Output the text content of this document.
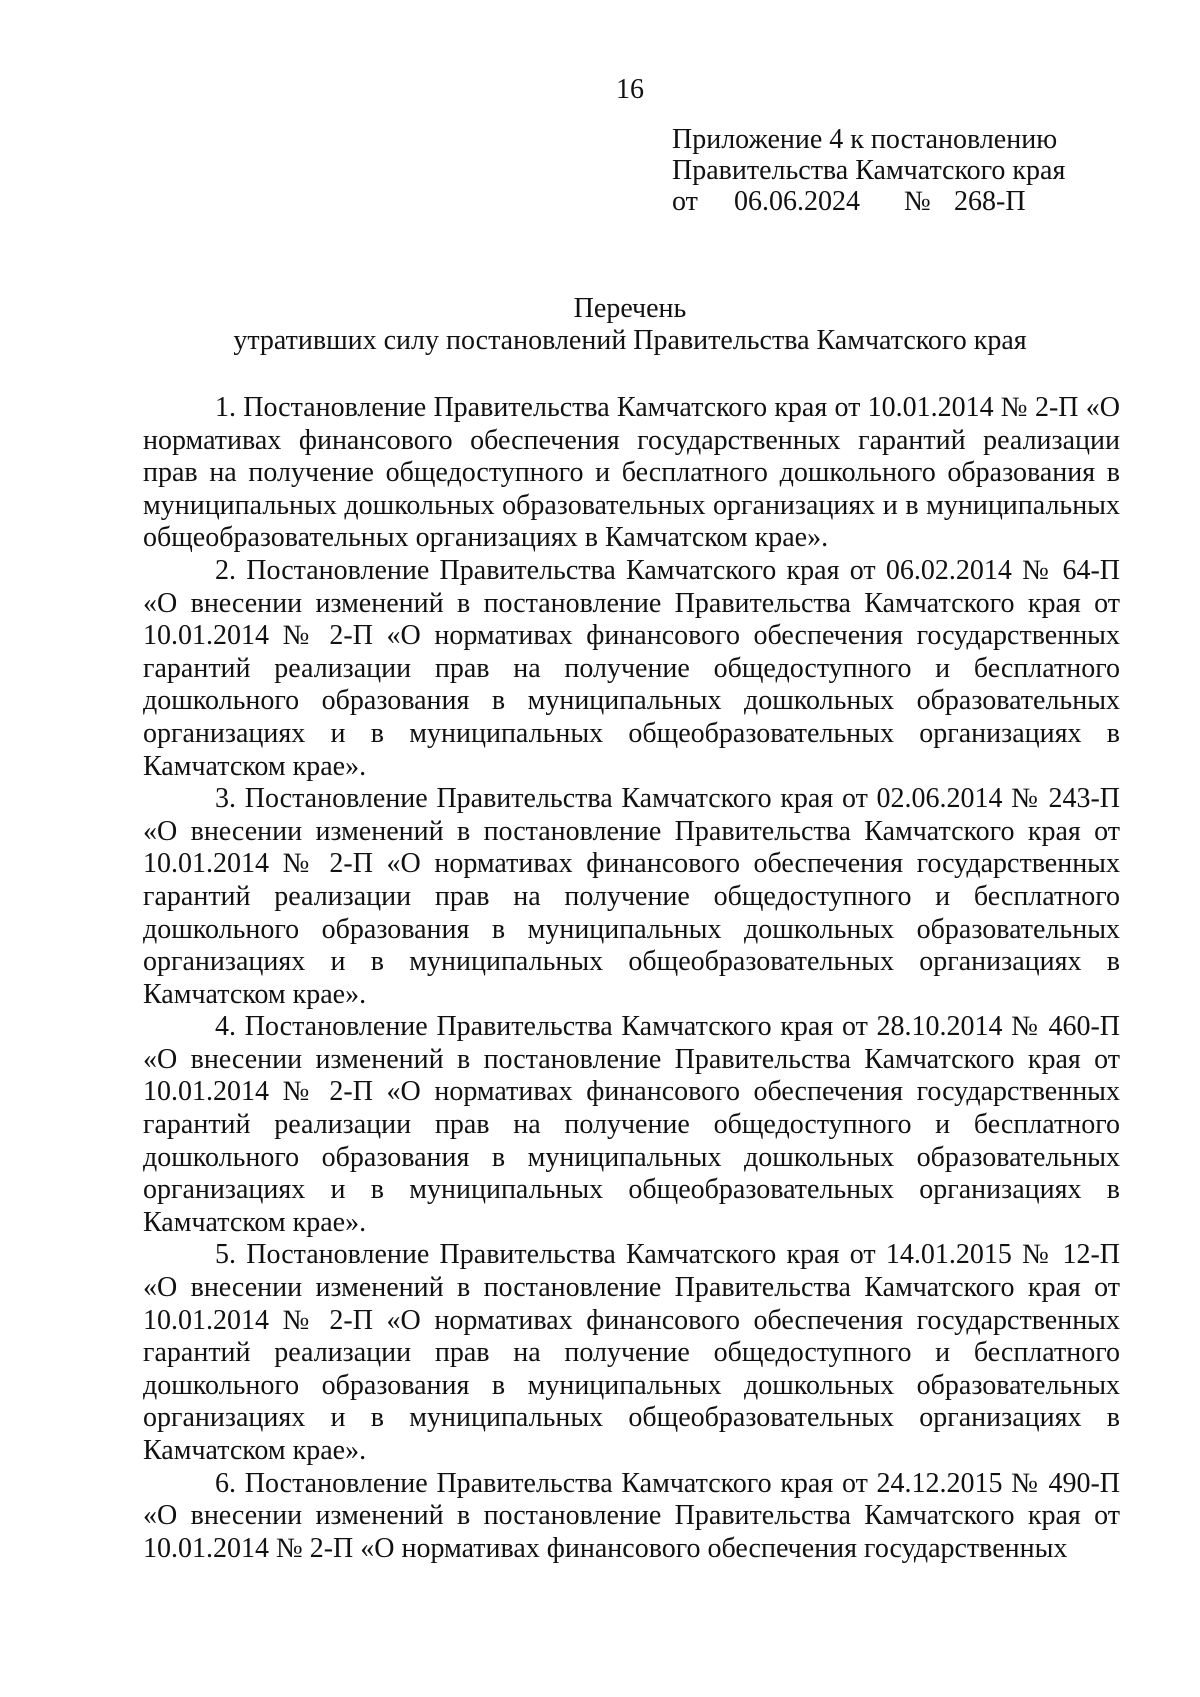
16
Приложение 4 к постановлению
Правительства Камчатского края
от 06.06.2024 № 268-П
Перечень
утративших силу постановлений Правительства Камчатского края

1. Постановление Правительства Камчатского края от 10.01.2014 № 2-П «О нормативах финансового обеспечения государственных гарантий реализации прав на получение общедоступного и бесплатного дошкольного образования в муниципальных дошкольных образовательных организациях и в муниципальных общеобразовательных организациях в Камчатском крае».

2. Постановление Правительства Камчатского края от 06.02.2014 № 64-П «О внесении изменений в постановление Правительства Камчатского края от 10.01.2014 № 2-П «О нормативах финансового обеспечения государственных гарантий реализации прав на получение общедоступного и бесплатного дошкольного образования в муниципальных дошкольных образовательных организациях и в муниципальных общеобразовательных организациях в Камчатском крае».

3. Постановление Правительства Камчатского края от 02.06.2014 № 243-П «О внесении изменений в постановление Правительства Камчатского края от 10.01.2014 № 2-П «О нормативах финансового обеспечения государственных гарантий реализации прав на получение общедоступного и бесплатного дошкольного образования в муниципальных дошкольных образовательных организациях и в муниципальных общеобразовательных организациях в Камчатском крае».

4. Постановление Правительства Камчатского края от 28.10.2014 № 460-П «О внесении изменений в постановление Правительства Камчатского края от 10.01.2014 № 2-П «О нормативах финансового обеспечения государственных гарантий реализации прав на получение общедоступного и бесплатного дошкольного образования в муниципальных дошкольных образовательных организациях и в муниципальных общеобразовательных организациях в Камчатском крае».

5. Постановление Правительства Камчатского края от 14.01.2015 № 12-П «О внесении изменений в постановление Правительства Камчатского края от 10.01.2014 № 2-П «О нормативах финансового обеспечения государственных гарантий реализации прав на получение общедоступного и бесплатного дошкольного образования в муниципальных дошкольных образовательных организациях и в муниципальных общеобразовательных организациях в Камчатском крае».

6. Постановление Правительства Камчатского края от 24.12.2015 № 490-П «О внесении изменений в постановление Правительства Камчатского края от 10.01.2014 № 2-П «О нормативах финансового обеспечения государственных
